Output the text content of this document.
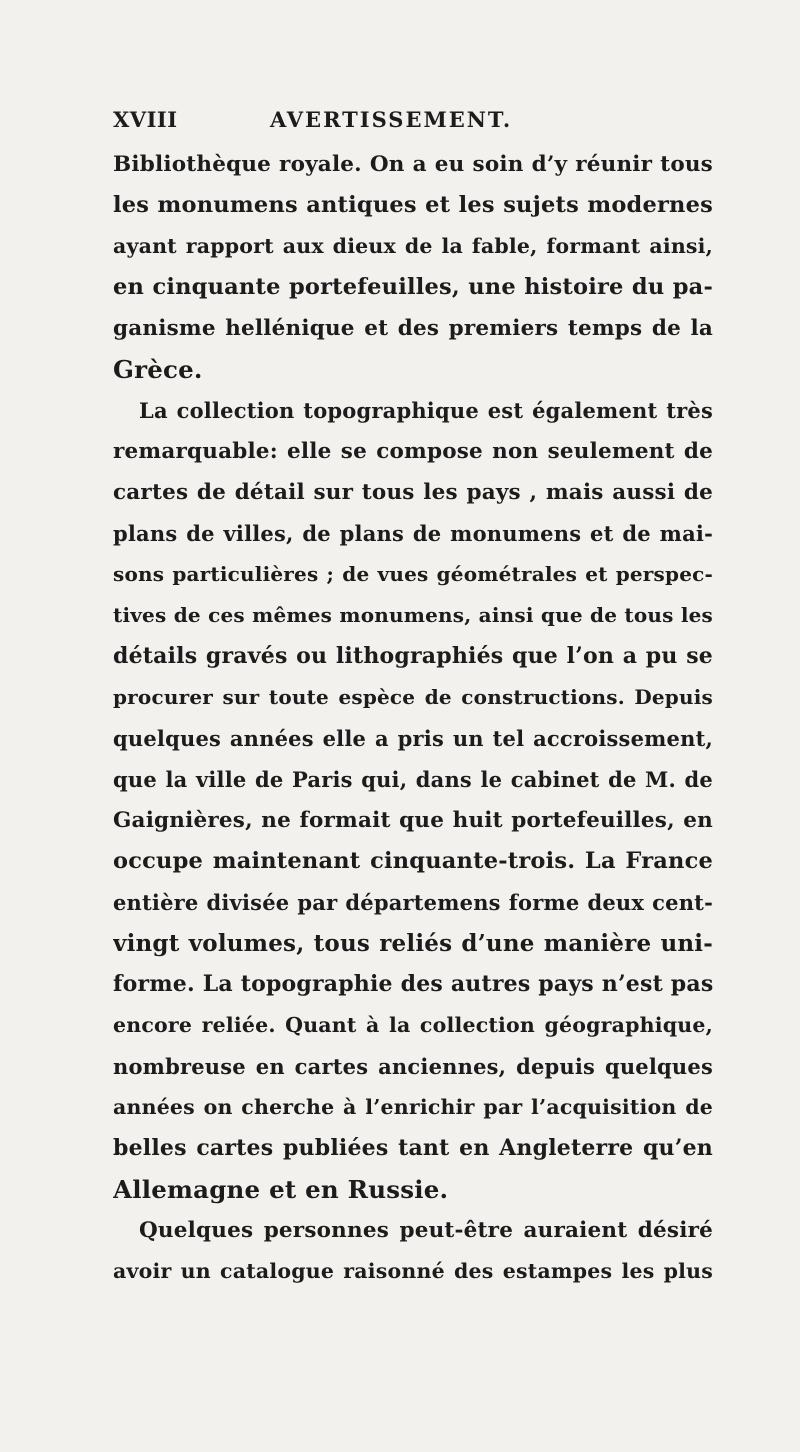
XVIII	AVERTISSEMENT.
Bibliothèque royale. On a eu soin d’y réunir tous
les monumens antiques et les sujets modernes
ayant rapport aux dieux de la fable, formant ainsi,
en cinquante portefeuilles, une histoire du pa-
ganisme hellénique et des premiers temps de la
Grèce.
La collection topographique est également très
remarquable: elle se compose non seulement de
cartes de détail sur tous les pays , mais aussi de
plans de villes, de plans de monumens et de mai-
sons particulières ; de vues géométrales et perspec-
tives de ces mêmes monumens, ainsi que de tous les
détails gravés ou lithographiés que l’on a pu se
procurer sur toute espèce de constructions. Depuis
quelques années elle a pris un tel accroissement,
que la ville de Paris qui, dans le cabinet de M. de
Gaignières, ne formait que huit portefeuilles, en
occupe maintenant cinquante-trois. La France
entière divisée par départemens forme deux cent-
vingt volumes, tous reliés d’une manière uni-
forme. La topographie des autres pays n’est pas
encore reliée. Quant à la collection géographique,
nombreuse en cartes anciennes, depuis quelques
années on cherche à l’enrichir par l’acquisition de
belles cartes publiées tant en Angleterre qu’en
Allemagne et en Russie.
Quelques personnes peut-être auraient désiré
avoir un catalogue raisonné des estampes les plus
